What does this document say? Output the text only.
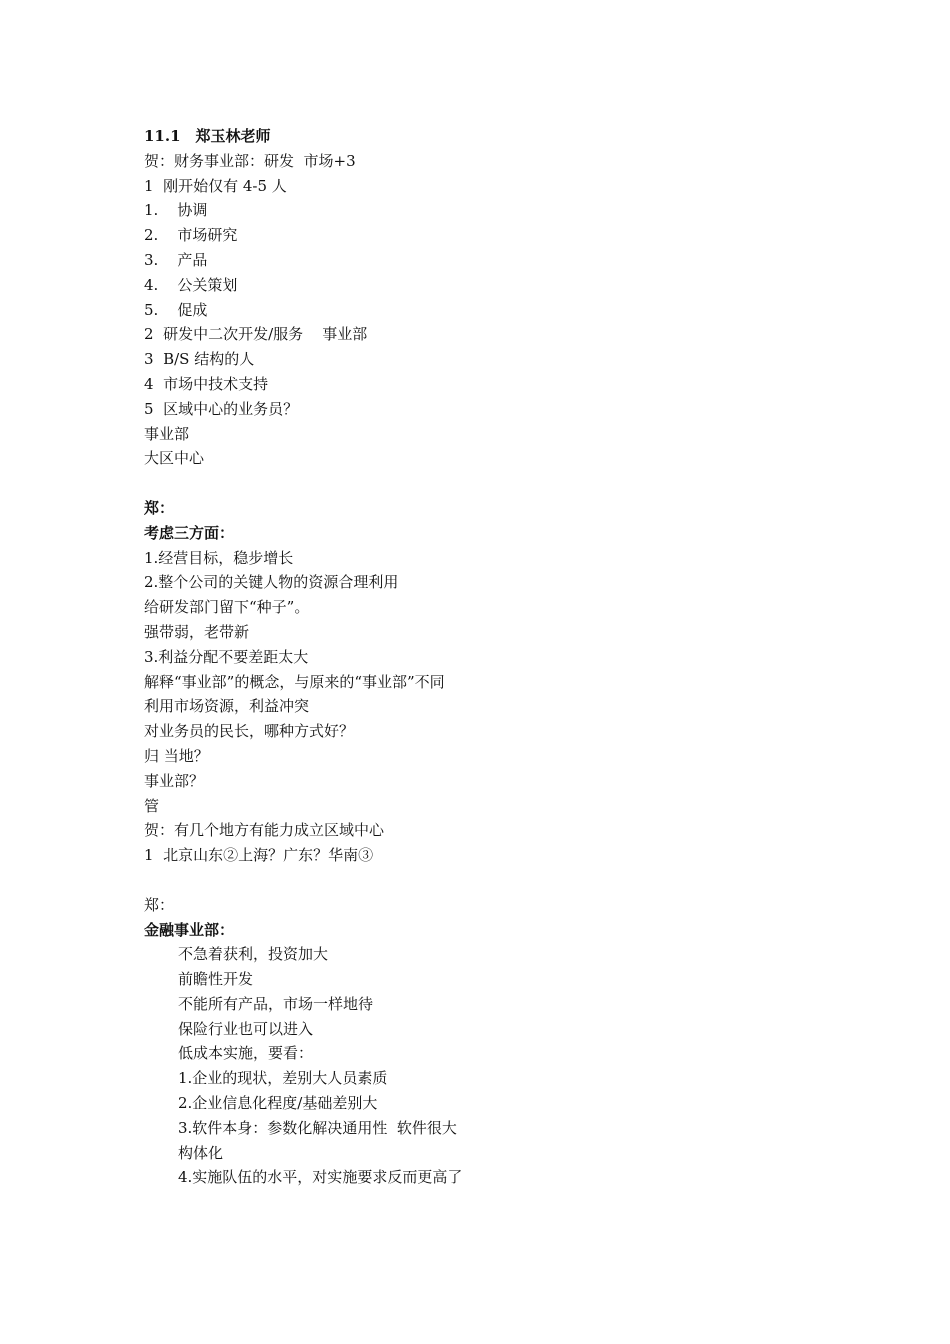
11.1　郑玉林老师
贺：财务事业部：研发  市场+3
1  刚开始仅有 4-5 人
1.    协调
2.    市场研究
3.    产品
4.    公关策划
5.    促成
2  研发中二次开发/服务    事业部
3  B/S 结构的人
4  市场中技术支持
5  区域中心的业务员？
事业部
大区中心
郑：
考虑三方面：
1.经营目标，稳步增长
2.整个公司的关键人物的资源合理利用
给研发部门留下“种子”。
强带弱，老带新
3.利益分配不要差距太大
解释“事业部”的概念，与原来的“事业部”不同
利用市场资源，利益冲突
对业务员的民长，哪种方式好？
归 当地？
事业部？
管
贺：有几个地方有能力成立区域中心
1  北京山东②上海？广东？华南③
郑：
金融事业部：
不急着获利，投资加大
前瞻性开发
不能所有产品，市场一样地待
保险行业也可以进入
低成本实施，要看：
1.企业的现状，差别大人员素质
2.企业信息化程度/基础差别大
3.软件本身：参数化解决通用性  软件很大
构体化
4.实施队伍的水平，对实施要求反而更高了
